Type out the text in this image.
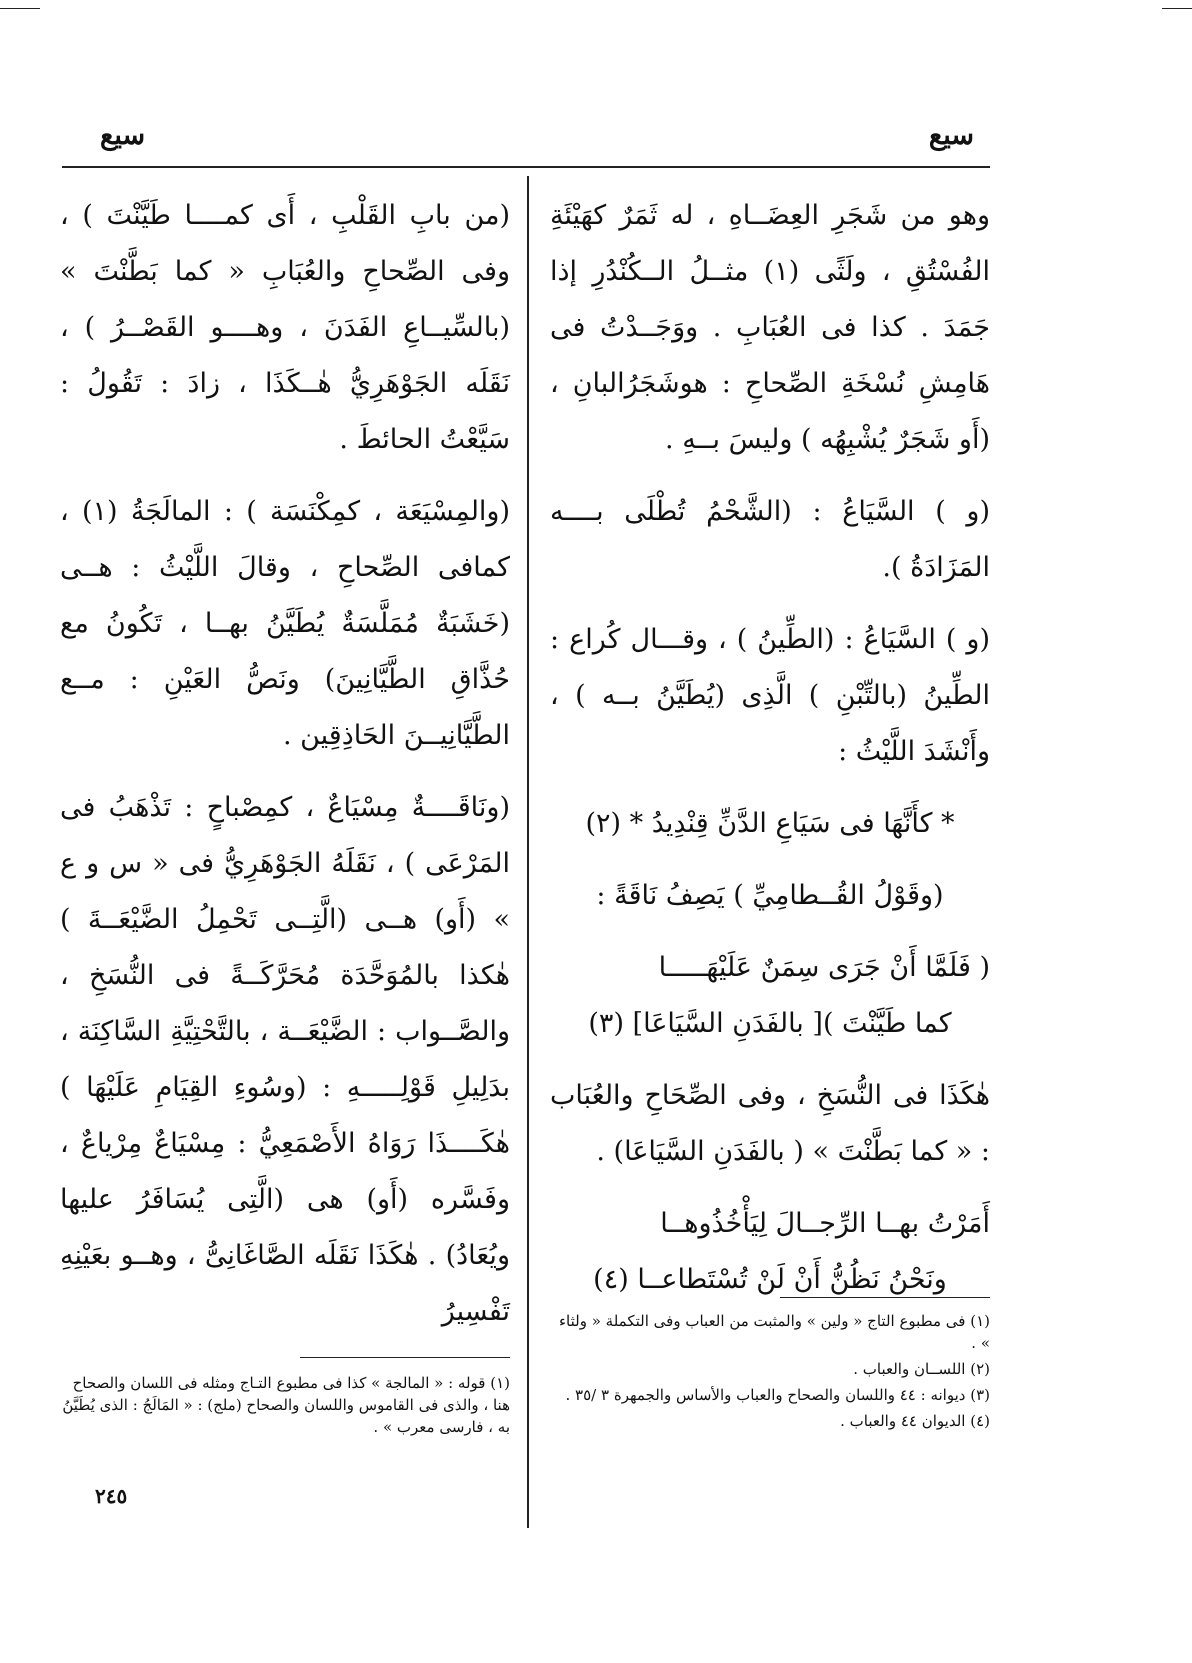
سيع
سيع

وهو من شَجَرِ العِضَــاهِ ، له ثَمَرٌ كهَيْئَةِ الفُسْتُقِ ، ولَثًى (١) مثــلُ الــكُنْدُرِ إذا جَمَدَ . كذا فى العُبَابِ . ووَجَــدْتُ فى هَامِشِ نُسْخَةِ الصِّحاحِ : هوشَجَرُالبانِ ، (أَو شَجَرٌ يُشْبِهُه ) وليسَ بــهِ .

(و ) السَّيَاعُ : (الشَّحْمُ تُطْلَى بــــه المَزَادَةُ ).

(و ) السَّيَاعُ : (الطِّينُ ) ، وقـــال كُراع : الطِّينُ (بالتِّبْنِ ) الَّذِى (يُطَيَّنُ بــه ) ، وأَنْشَدَ اللَّيْثُ :

* كأَنَّهَا فى سَيَاعِ الدَّنِّ قِنْدِيدُ * (٢)

(وقَوْلُ القُــطامِيِّ ) يَصِفُ نَاقَةً :

( فَلَمَّا أَنْ جَرَى سِمَنٌ عَلَيْهَـــــا

كما طَيَّنْتَ )[ بالفَدَنِ السَّيَاعَا] (٣)

هٰكَذَا فى النُّسَخِ ، وفى الصِّحَاحِ والعُبَاب : « كما بَطَّنْتَ » ( بالفَدَنِ السَّيَاعَا) .

أَمَرْتُ بهــا الرِّجــالَ لِيَأْخُذُوهــا

ونَحْنُ نَظُنُّ أَنْ لَنْ تُسْتَطاعــا (٤)

(من بابِ القَلْبِ ، أَى كمــــا طَيَّنْتَ ) ، وفى الصِّحاحِ والعُبَابِ « كما بَطَّنْتَ » (بالسِّيــاعِ الفَدَنَ ، وهــــو القَصْــرُ ) ، نَقَلَه الجَوْهَرِيُّ هٰــكَذَا ، زادَ : تَقُولُ : سَيَّعْتُ الحائطَ .

(والمِسْيَعَة ، كمِكْنَسَة ) : المالَجَةُ (١) ، كمافى الصِّحاحِ ، وقالَ اللَّيْثُ : هــى (خَشَبَةٌ مُمَلَّسَةٌ يُطَيَّنُ بهــا ، تَكُونُ مع حُذَّاقِ الطَّيَّانِينَ) ونَصُّ العَيْنِ : مــع الطَّيَّانِيــنَ الحَاذِقِين .

(ونَاقَــــةٌ مِسْيَاعٌ ، كمِصْباحٍ : تَذْهَبُ فى المَرْعَى ) ، نَقَلَهُ الجَوْهَرِيُّ فى « س و ع » (أَو) هــى (الَّتِــى تَحْمِلُ الضَّيْعَــةَ ) هٰكذا بالمُوَحَّدَة مُحَرَّكَــةً فى النُّسَخِ ، والصَّــواب : الضَّيْعَــة ، بالتَّحْتِيَّةِ السَّاكِنَة ، بدَلِيلِ قَوْلِـــــهِ : (وسُوءِ القِيَامِ عَلَيْهَا ) هٰكَــــذَا رَوَاهُ الأَصْمَعِيُّ : مِسْيَاعٌ مِرْياعٌ ، وفَسَّره (أَو) هى (الَّتِى يُسَافَرُ عليها ويُعَادُ) . هٰكَذَا نَقَلَه الصَّاغَانِىُّ ، وهــو بعَيْنِهِ تَفْسِيرُ	(١) فى مطبوع التاج « ولين » والمثبت من العباب وفى التكملة « ولثاء » .

(٢) اللســان والعباب .

(٣) ديوانه : ٤٤ واللسان والصحاح والعباب والأساس والجمهرة ٣ /٣٥ .

(٤) الديوان ٤٤ والعباب .

(١) قوله : « المالجة » كذا فى مطبوع التـاج ومثله فى اللسان والصحاح هنا ، والذى فى القاموس واللسان والصحاح (ملج) : « المَالَجُ : الذى يُطَيَّنُ به ، فارسى معرب » .

٢٤٥
